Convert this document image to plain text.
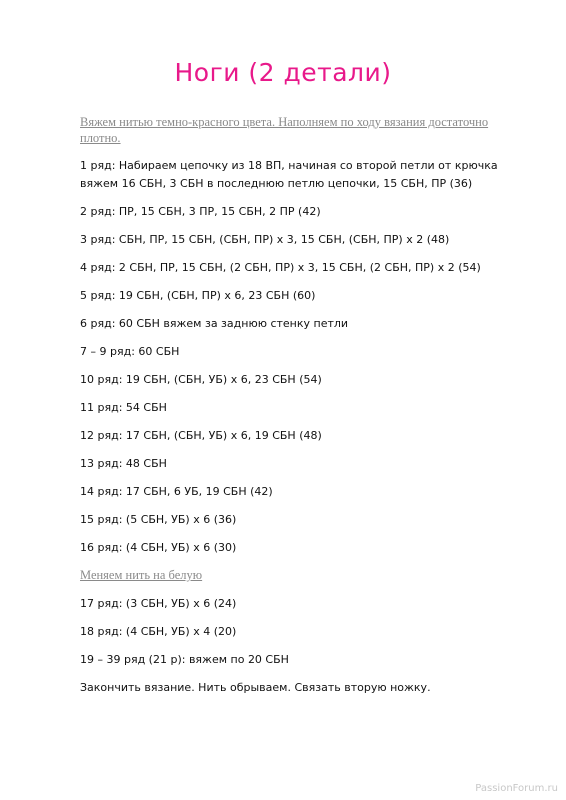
Ноги (2 детали)
Вяжем нитью темно-красного цвета. Наполняем по ходу вязания достаточно плотно.
1 ряд: Набираем цепочку из 18 ВП, начиная со второй петли от крючка вяжем 16 СБН, 3 СБН в последнюю петлю цепочки, 15 СБН, ПР (36)
2 ряд: ПР, 15 СБН, 3 ПР, 15 СБН, 2 ПР (42)
3 ряд: СБН, ПР, 15 СБН, (СБН, ПР) х 3, 15 СБН, (СБН, ПР) х 2 (48)
4 ряд: 2 СБН, ПР, 15 СБН, (2 СБН, ПР) х 3, 15 СБН, (2 СБН, ПР) х 2 (54)
5 ряд: 19 СБН, (СБН, ПР) х 6, 23 СБН (60)
6 ряд: 60 СБН вяжем за заднюю стенку петли
7 – 9 ряд: 60 СБН
10 ряд: 19 СБН, (СБН, УБ) х 6, 23 СБН (54)
11 ряд: 54 СБН
12 ряд: 17 СБН, (СБН, УБ) х 6, 19 СБН (48)
13 ряд: 48 СБН
14 ряд: 17 СБН, 6 УБ, 19 СБН (42)
15 ряд: (5 СБН, УБ) х 6 (36)
16 ряд: (4 СБН, УБ) х 6 (30)
Меняем нить на белую
17 ряд: (3 СБН, УБ) х 6 (24)
18 ряд: (4 СБН, УБ) х 4 (20)
19 – 39 ряд (21 р): вяжем по 20 СБН
Закончить вязание. Нить обрываем. Связать вторую ножку.
PassionForum.ru
